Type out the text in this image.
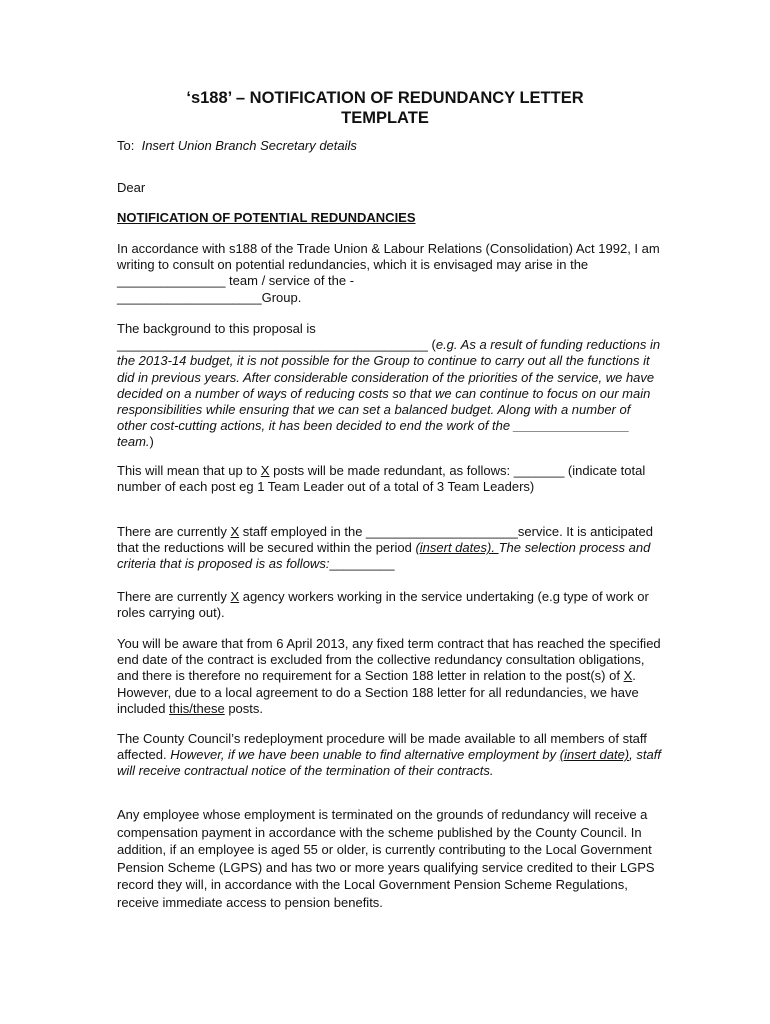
‘s188’ – NOTIFICATION OF REDUNDANCY LETTER
TEMPLATE
To: Insert Union Branch Secretary details
Dear
NOTIFICATION OF POTENTIAL REDUNDANCIES
In accordance with s188 of the Trade Union & Labour Relations (Consolidation) Act 1992, I am writing to consult on potential redundancies, which it is envisaged may arise in the _______________ team / service of the -
____________________Group.
The background to this proposal is
___________________________________________ (e.g. As a result of funding reductions in the 2013-14 budget, it is not possible for the Group to continue to carry out all the functions it did in previous years. After considerable consideration of the priorities of the service, we have decided on a number of ways of reducing costs so that we can continue to focus on our main responsibilities while ensuring that we can set a balanced budget. Along with a number of other cost-cutting actions, it has been decided to end the work of the ________________ team.)
This will mean that up to X posts will be made redundant, as follows: _______ (indicate total number of each post eg 1 Team Leader out of a total of 3 Team Leaders)
There are currently X staff employed in the _____________________service. It is anticipated that the reductions will be secured within the period (insert dates). The selection process and criteria that is proposed is as follows:_________
There are currently X agency workers working in the service undertaking (e.g type of work or roles carrying out).
You will be aware that from 6 April 2013, any fixed term contract that has reached the specified end date of the contract is excluded from the collective redundancy consultation obligations, and there is therefore no requirement for a Section 188 letter in relation to the post(s) of X. However, due to a local agreement to do a Section 188 letter for all redundancies, we have included this/these posts.
The County Council’s redeployment procedure will be made available to all members of staff affected. However, if we have been unable to find alternative employment by (insert date), staff will receive contractual notice of the termination of their contracts.
Any employee whose employment is terminated on the grounds of redundancy will receive a compensation payment in accordance with the scheme published by the County Council. In addition, if an employee is aged 55 or older, is currently contributing to the Local Government Pension Scheme (LGPS) and has two or more years qualifying service credited to their LGPS record they will, in accordance with the Local Government Pension Scheme Regulations, receive immediate access to pension benefits.
